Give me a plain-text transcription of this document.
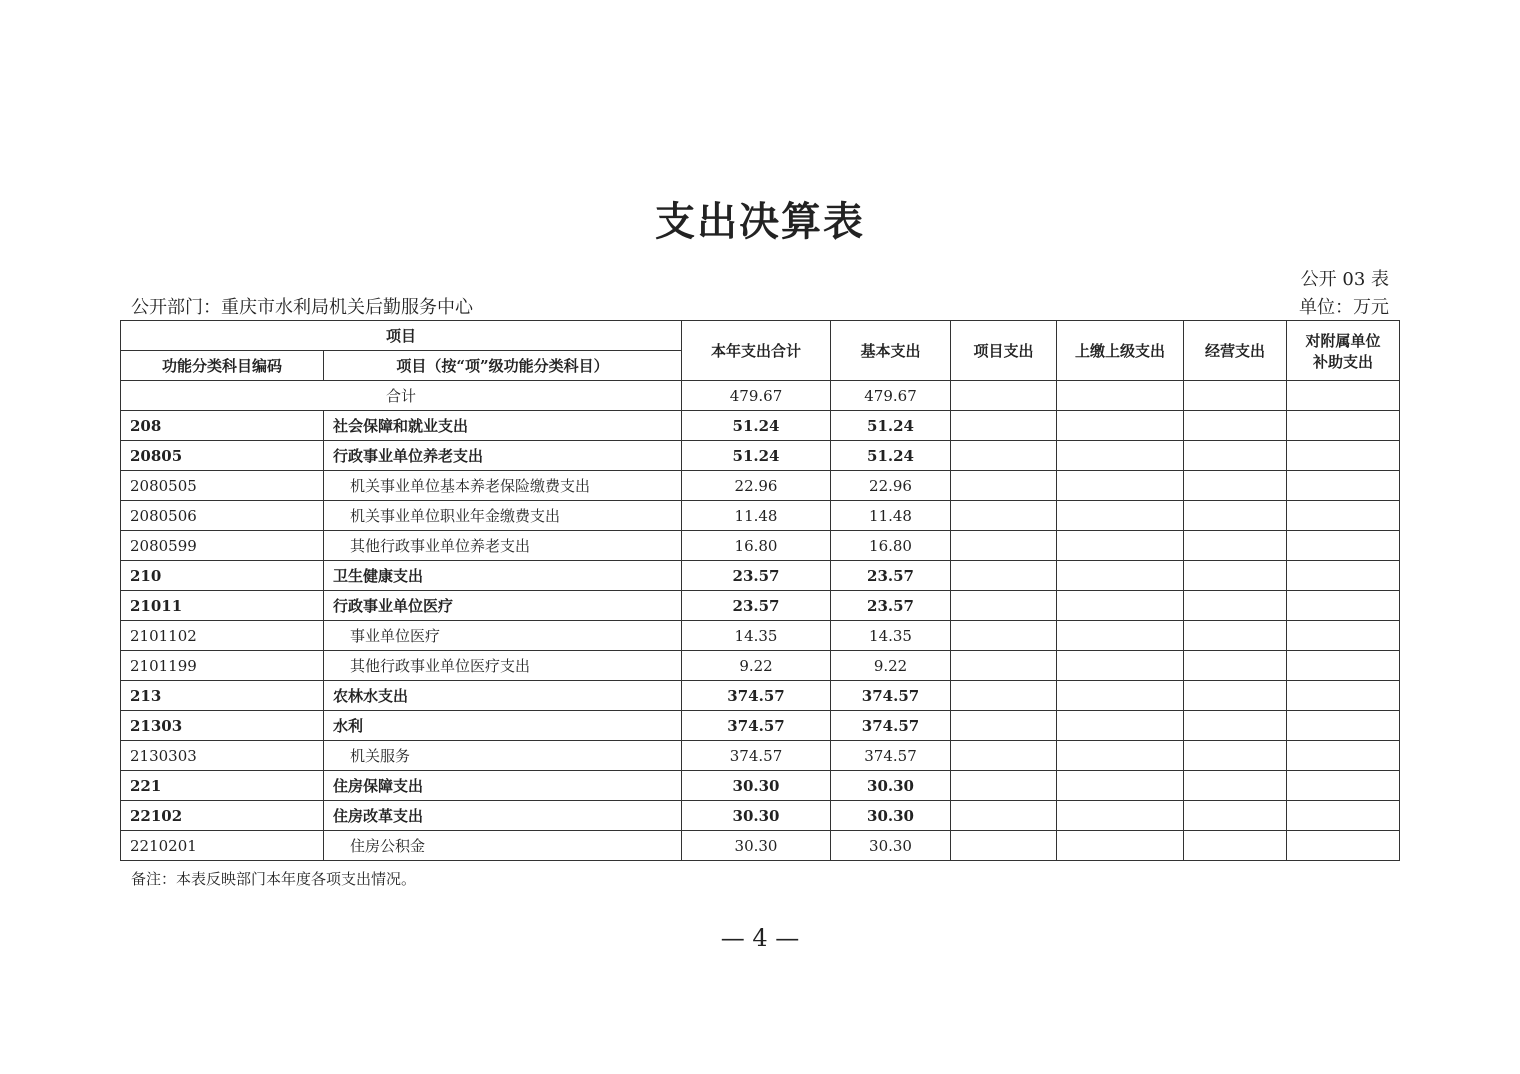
支出决算表
公开 03 表
公开部门：重庆市水利局机关后勤服务中心	单位：万元
项目		本年支出合计	基本支出	项目支出	上缴上级支出	经营支出	对附属单位
补助支出
功能分类科目编码	项目（按“项”级功能分类科目）						
合计		479.67	479.67				
208	社会保障和就业支出	51.24	51.24				
20805	行政事业单位养老支出	51.24	51.24				
2080505	机关事业单位基本养老保险缴费支出	22.96	22.96				
2080506	机关事业单位职业年金缴费支出	11.48	11.48				
2080599	其他行政事业单位养老支出	16.80	16.80				
210	卫生健康支出	23.57	23.57				
21011	行政事业单位医疗	23.57	23.57				
2101102	事业单位医疗	14.35	14.35				
2101199	其他行政事业单位医疗支出	9.22	9.22				
213	农林水支出	374.57	374.57				
21303	水利	374.57	374.57				
2130303	机关服务	374.57	374.57				
221	住房保障支出	30.30	30.30				
22102	住房改革支出	30.30	30.30				
2210201	住房公积金	30.30	30.30				
备注：本表反映部门本年度各项支出情况。
— 4 —
